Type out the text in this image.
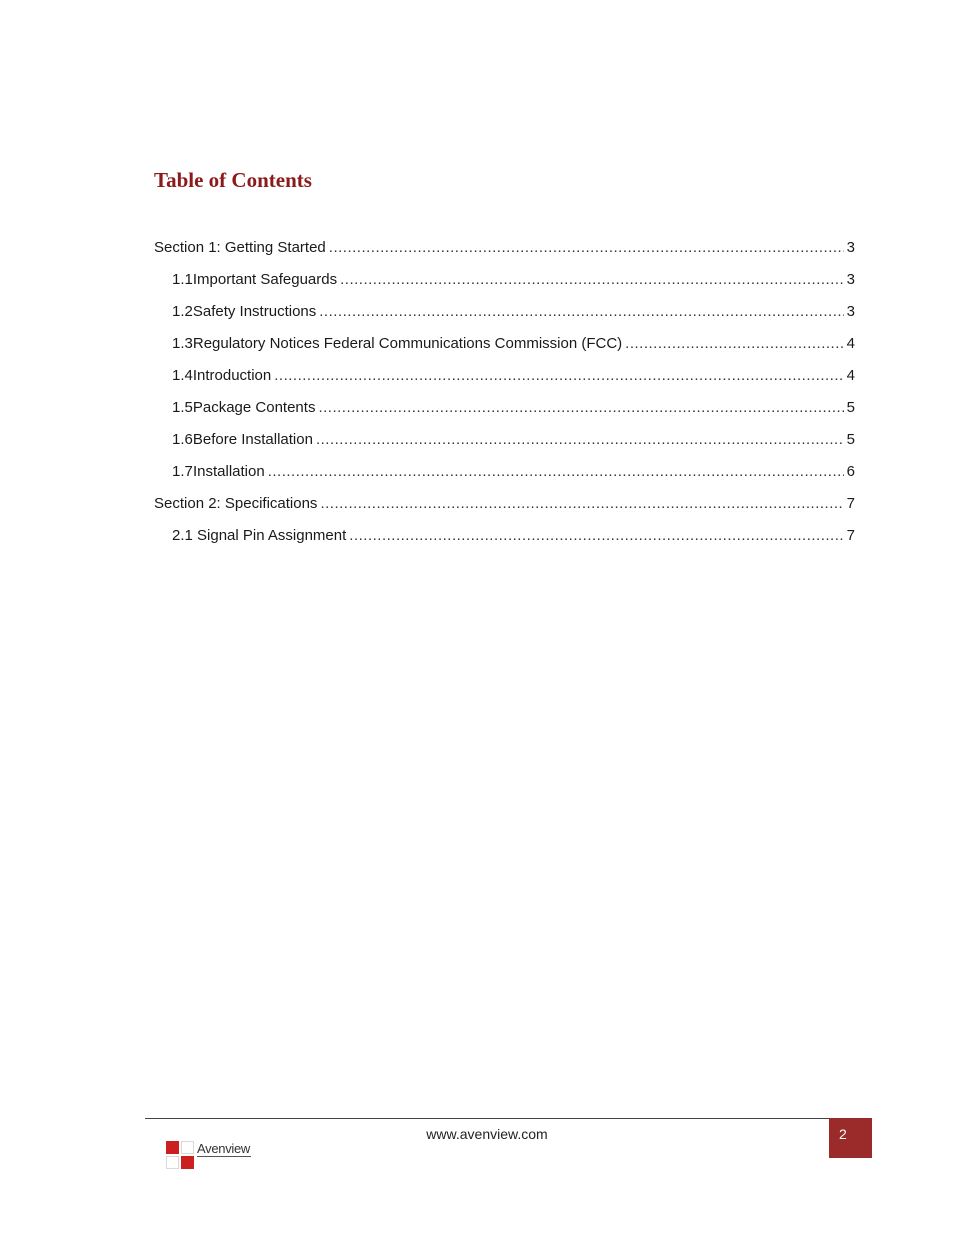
Table of Contents
Section 1: Getting Started .....	3
1.1 Important Safeguards .....	3
1.2 Safety Instructions .....	3
1.3 Regulatory Notices Federal Communications Commission (FCC) .....	4
1.4 Introduction .....	4
1.5 Package Contents .....	5
1.6 Before Installation .....	5
1.7 Installation .....	6
Section 2: Specifications .....	7
2.1 Signal Pin Assignment .....	7
Avenview
www.avenview.com	2
